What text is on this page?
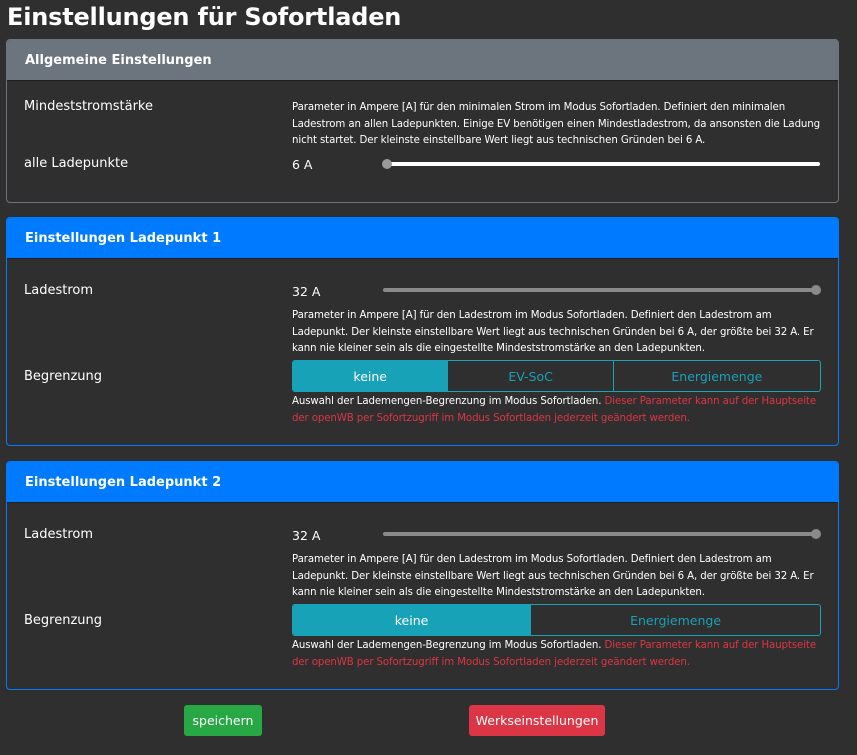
Einstellungen für Sofortladen
Allgemeine Einstellungen
Mindeststromstärke	Parameter in Ampere [A] für den minimalen Strom im Modus Sofortladen. Definiert den minimalen Ladestrom an allen Ladepunkten. Einige EV benötigen einen Mindestladestrom, da ansonsten die Ladung nicht startet. Der kleinste einstellbare Wert liegt aus technischen Gründen bei 6 A.
alle Ladepunkte	6 A
Einstellungen Ladepunkt 1
Ladestrom	32 A
Parameter in Ampere [A] für den Ladestrom im Modus Sofortladen. Definiert den Ladestrom am Ladepunkt. Der kleinste einstellbare Wert liegt aus technischen Gründen bei 6 A, der größte bei 32 A. Er kann nie kleiner sein als die eingestellte Mindeststromstärke an den Ladepunkten.
Begrenzung	keine	EV-SoC	Energiemenge
Auswahl der Lademengen-Begrenzung im Modus Sofortladen. Dieser Parameter kann auf der Hauptseite der openWB per Sofortzugriff im Modus Sofortladen jederzeit geändert werden.
Einstellungen Ladepunkt 2
Ladestrom	32 A
Parameter in Ampere [A] für den Ladestrom im Modus Sofortladen. Definiert den Ladestrom am Ladepunkt. Der kleinste einstellbare Wert liegt aus technischen Gründen bei 6 A, der größte bei 32 A. Er kann nie kleiner sein als die eingestellte Mindeststromstärke an den Ladepunkten.
Begrenzung	keine	Energiemenge
Auswahl der Lademengen-Begrenzung im Modus Sofortladen. Dieser Parameter kann auf der Hauptseite der openWB per Sofortzugriff im Modus Sofortladen jederzeit geändert werden.
speichern	Werkseinstellungen
